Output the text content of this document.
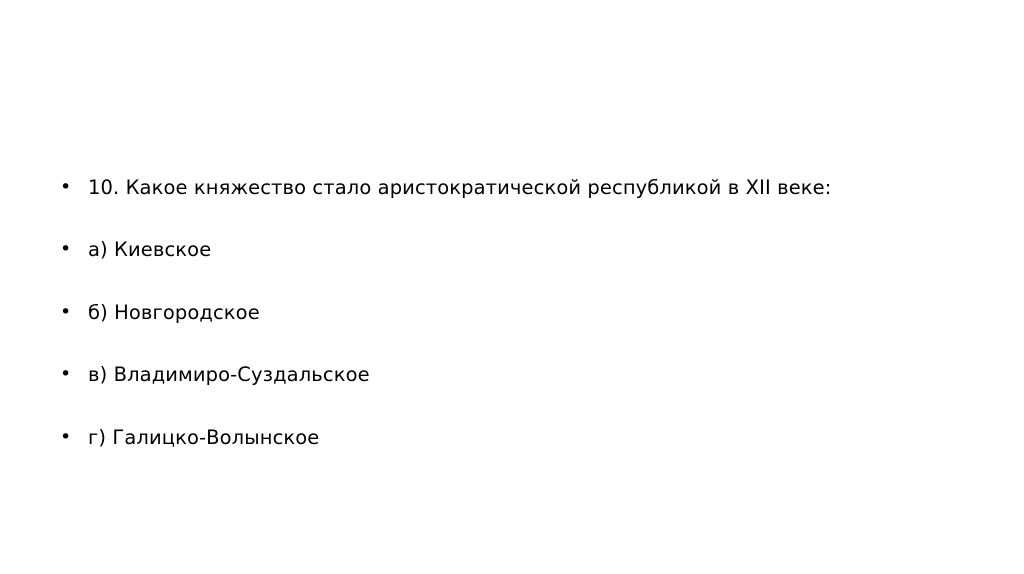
• 10. Какое княжество стало аристократической республикой в XII веке:
• а) Киевское
• б) Новгородское
• в) Владимиро-Суздальское
• г) Галицко-Волынское
